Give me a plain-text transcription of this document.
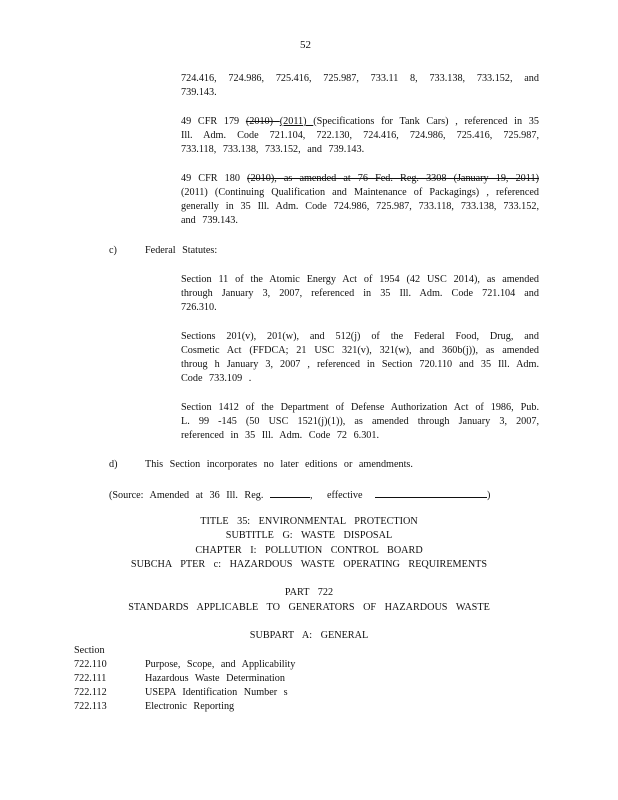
52

724.416, 724.986, 725.416, 725.987, 733.11 8, 733.138, 733.152, and 739.143.

49 CFR 179 (2010) (2011) (Specifications for Tank Cars) , referenced in 35 Ill. Adm. Code 721.104, 722.130, 724.416, 724.986, 725.416, 725.987, 733.118, 733.138, 733.152, and 739.143.

49 CFR 180 (2010), as amended at 76 Fed. Reg. 3308 (January 19, 2011) (2011) (Continuing Qualification and Maintenance of Packagings) , referenced generally in 35 Ill. Adm. Code 724.986, 725.987, 733.118, 733.138, 733.152, and 739.143.

c)	Federal Statutes:

Section 11 of the Atomic Energy Act of 1954 (42 USC 2014), as amended through January 3, 2007, referenced in 35 Ill. Adm. Code 721.104 and 726.310.

Sections 201(v), 201(w), and 512(j) of the Federal Food, Drug, and Cosmetic Act (FFDCA; 21 USC 321(v), 321(w), and 360b(j)), as amended throug h January 3, 2007 , referenced in Section 720.110 and 35 Ill. Adm. Code 733.109 .

Section 1412 of the Department of Defense Authorization Act of 1986, Pub. L. 99 -145 (50 USC 1521(j)(1)), as amended through January 3, 2007, referenced in 35 Ill. Adm. Code 72 6.301.

d)	This Section incorporates no later editions or amendments.
(Source: Amended at 36 Ill. Reg.	, effective	)
TITLE 35: ENVIRONMENTAL PROTECTION
SUBTITLE G: WASTE DISPOSAL
CHAPTER I: POLLUTION CONTROL BOARD
SUBCHA PTER c: HAZARDOUS WASTE OPERATING REQUIREMENTS
PART 722
STANDARDS APPLICABLE TO GENERATORS OF HAZARDOUS WASTE
SUBPART A: GENERAL
Section
722.110	Purpose, Scope, and Applicability
722.111	Hazardous Waste Determination
722.112	USEPA Identification Number s
722.113	Electronic Reporting
